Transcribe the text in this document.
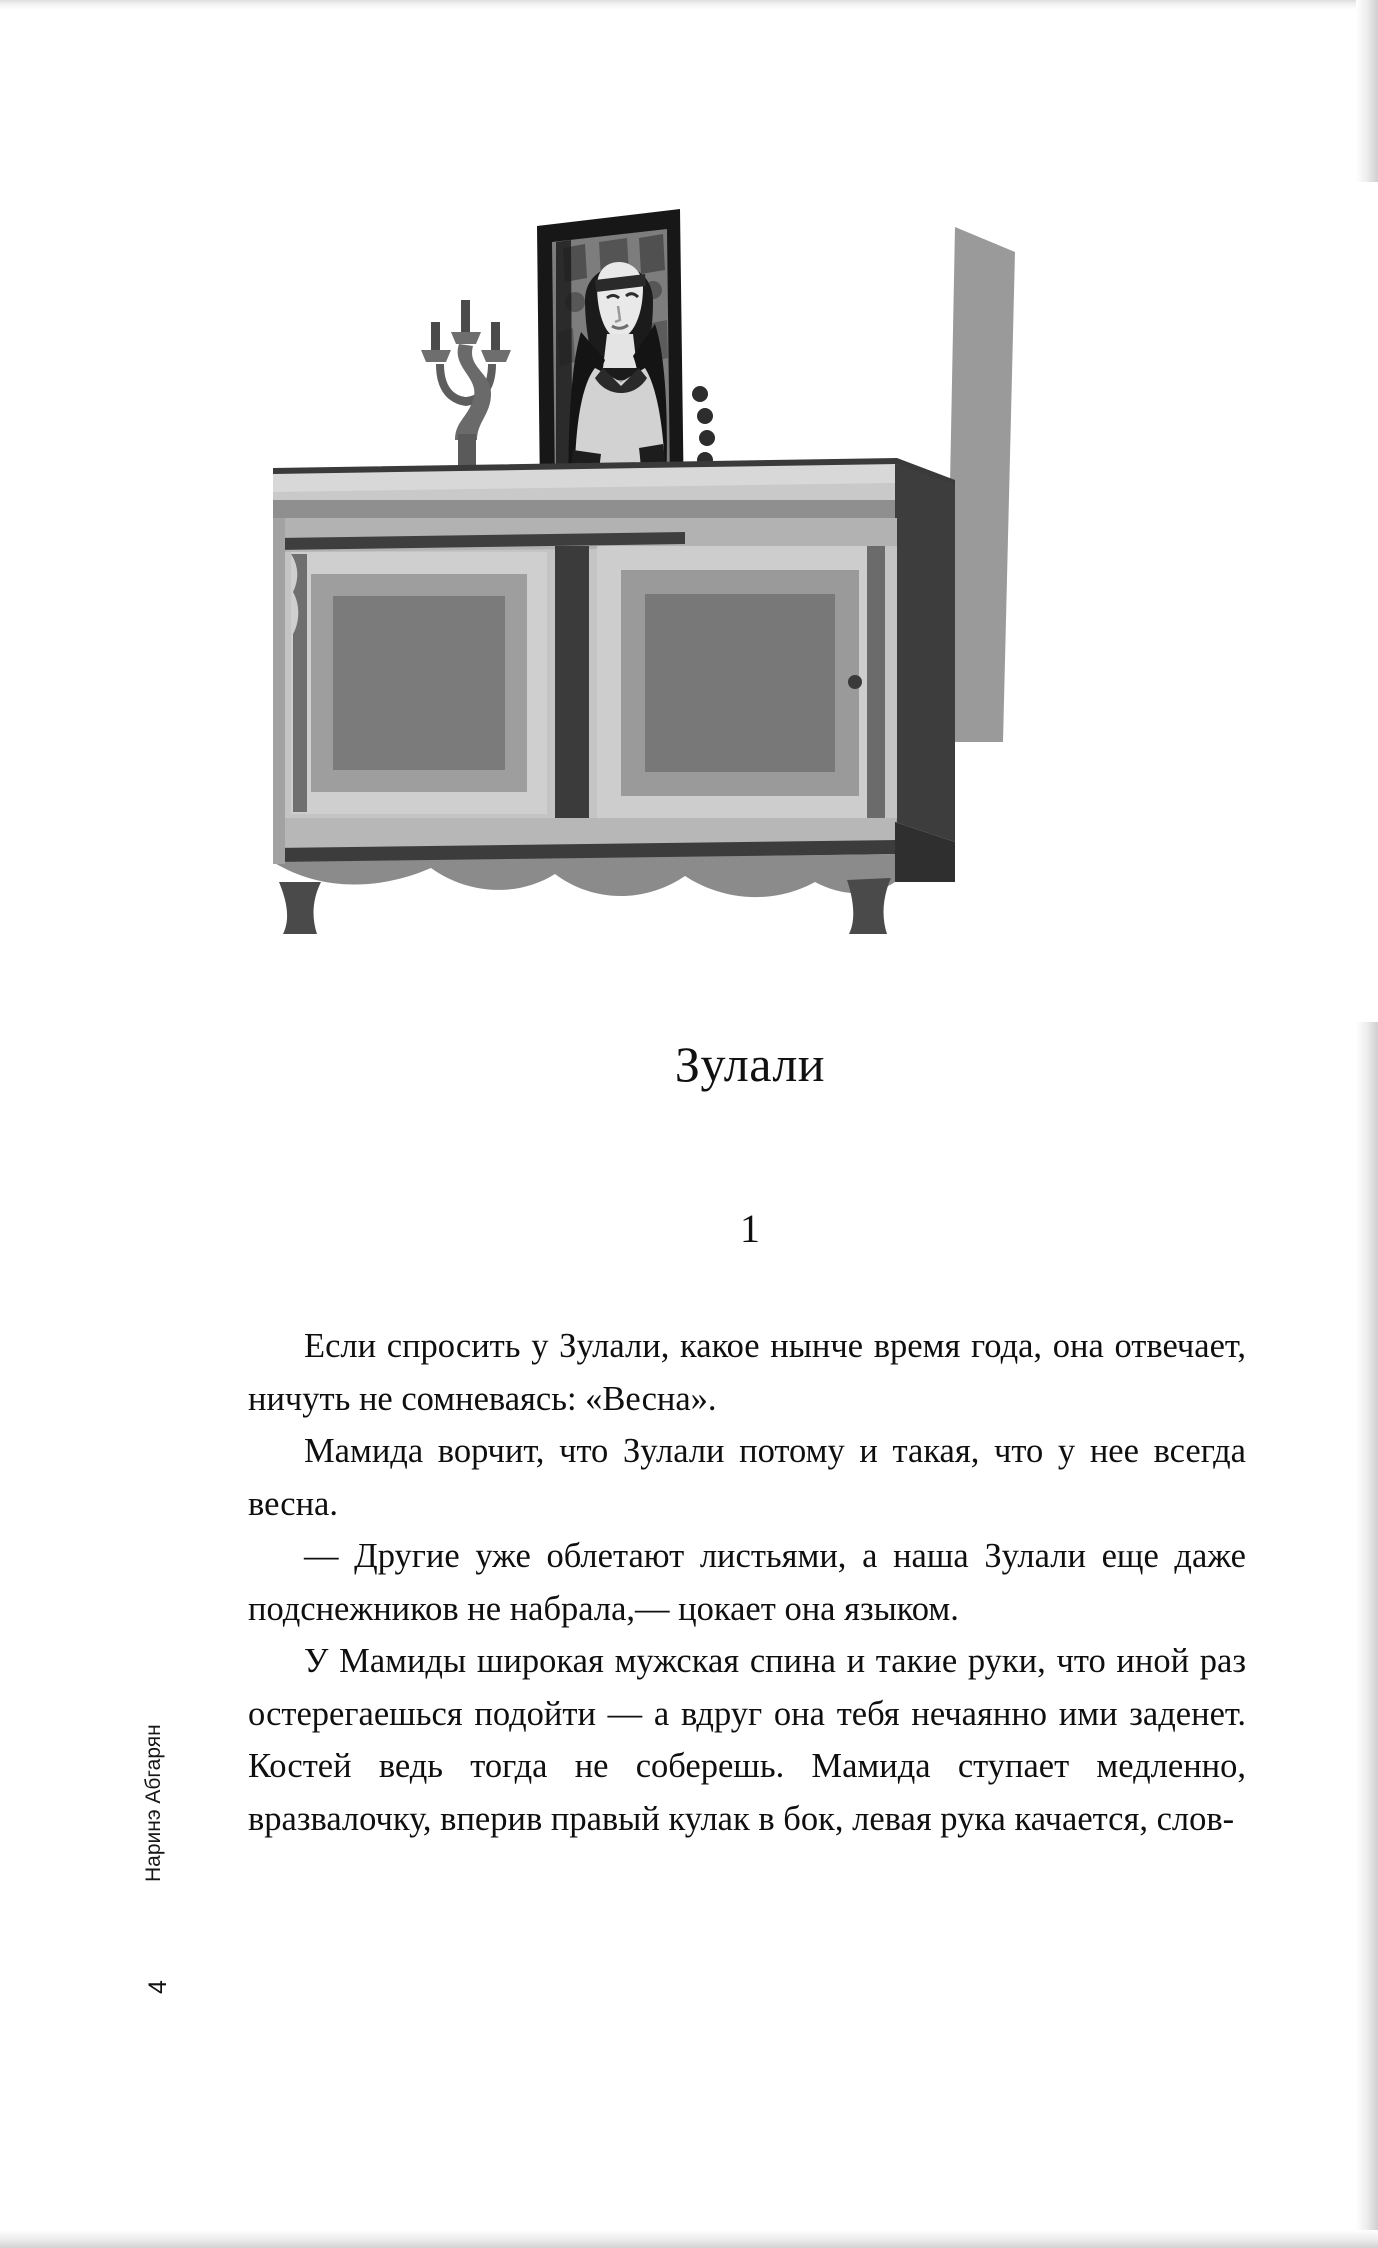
Зулали
1

Если спросить у Зулали, какое нынче время года, она отвечает, ничуть не сомневаясь: «Весна».

Мамида ворчит, что Зулали потому и такая, что у нее всегда весна.

— Другие уже облетают листьями, а наша Зулали еще даже подснежников не набрала,— цокает она языком.

У Мамиды широкая мужская спина и такие руки, что иной раз остерегаешься подойти — а вдруг она тебя нечаянно ими заденет. Костей ведь тогда не соберешь. Мамида ступает медленно, вразвалочку, вперив правый кулак в бок, левая рука качается, слов-

Наринэ Абгарян
4
